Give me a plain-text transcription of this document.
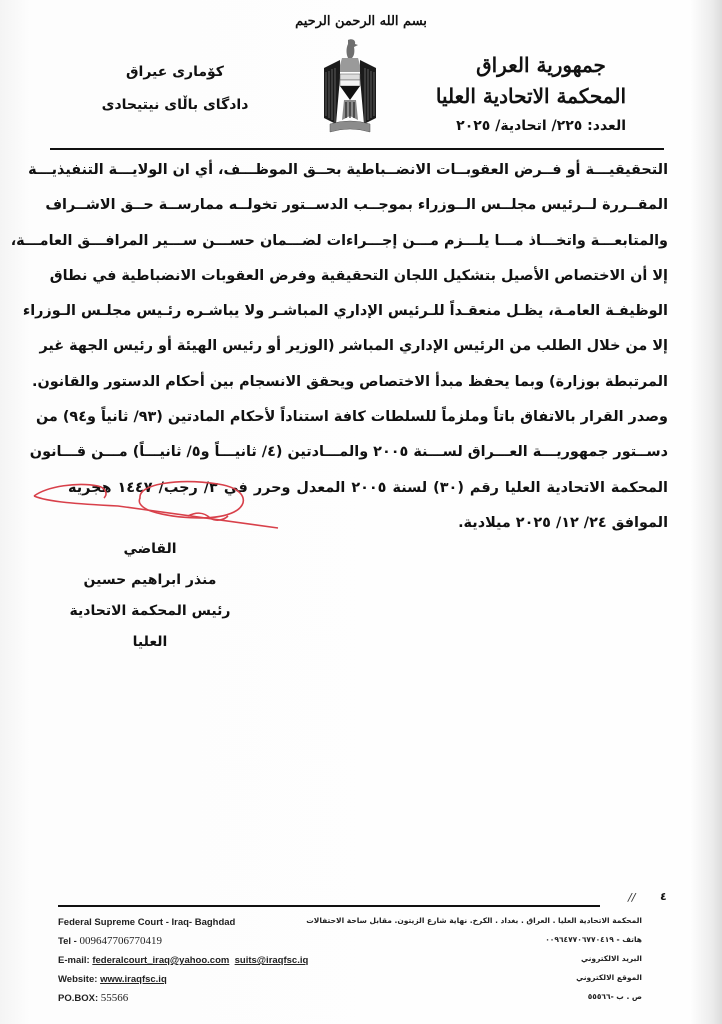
بسم الله الرحمن الرحيم
جمهورية العراق
المحكمة الاتحادية العليا
العدد: ٢٢٥/ اتحادية/ ٢٠٢٥
كۆمارى عيراق
دادگاى باڵاى نيتيحادى
التحقيقيـــة أو فــرض العقوبــات الانضــباطية بحــق الموظـــف، أي ان الولايـــة التنفيذيـــة
المقــررة لــرئيس مجلــس الــوزراء بموجــب الدســتور تخولــه ممارســة حــق الاشــراف
والمتابعـــة واتخـــاذ مـــا يلـــزم مـــن إجـــراءات لضـــمان حســـن ســـير المرافـــق العامـــة،
إلا أن الاختصاص الأصيل بتشكيل اللجان التحقيقية وفرض العقوبات الانضباطية في نطاق
الوظيفـة العامـة، يظـل منعقـداً للـرئيس الإداري المباشـر ولا يباشـره رئـيس مجلـس الـوزراء
إلا من خلال الطلب من الرئيس الإداري المباشر (الوزير أو رئيس الهيئة أو رئيس الجهة غير
المرتبطة بوزارة) وبما يحفظ مبدأ الاختصاص ويحقق الانسجام بين أحكام الدستور والقانون.
وصدر القرار بالاتفاق باتاً وملزماً للسلطات كافة استناداً لأحكام المادتين (٩٣/ ثانياً و٩٤) من
دســتور جمهوريـــة العـــراق لســـنة ٢٠٠٥ والمـــادتين (٤/ ثانيـــاً و٥/ ثانيـــاً) مـــن قـــانون
المحكمة الاتحادية العليا رقم (٣٠) لسنة ٢٠٠٥ المعدل وحرر في ٣/ رجب/ ١٤٤٧ هجرية
الموافق ٢٤/ ١٢/ ٢٠٢٥ ميلادية.
القاضي
منذر ابراهيم حسين
رئيس المحكمة الاتحادية العليا
٤
//
Federal Supreme Court - Iraq- Baghdad
Tel - 009647706770419
E-mail: federalcourt_iraq@yahoo.com suits@iraqfsc.iq
Website: www.iraqfsc.iq
PO.BOX: 55566
المحكمة الاتحادية العليا . العراق . بغداد . الكرخ. نهاية شارع الزيتون. مقابل ساحة الاحتفالات
هاتف - ٠٠٩٦٤٧٧٠٦٧٧٠٤١٩
البريد الالكتروني
الموقع الالكتروني
ص . ب -٥٥٥٦٦
